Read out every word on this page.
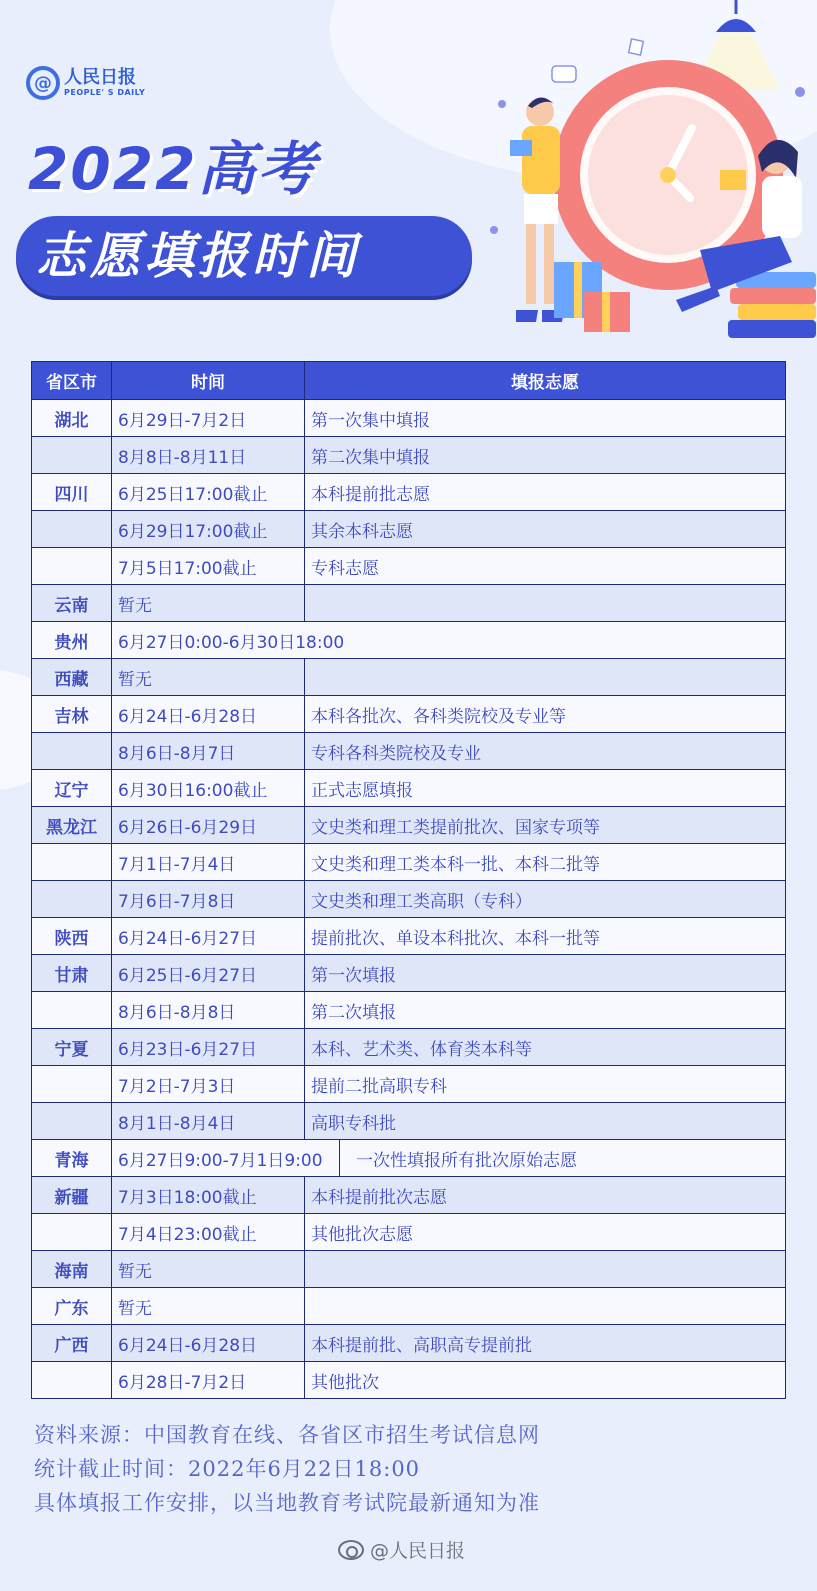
@ 人民日报
PEOPLE' S DAILY
2022高考
志愿填报时间
省区市	时间	填报志愿
湖北	6月29日-7月2日	第一次集中填报
	8月8日-8月11日	第二次集中填报
四川	6月25日17:00截止	本科提前批志愿
	6月29日17:00截止	其余本科志愿
	7月5日17:00截止	专科志愿
云南	暂无	
贵州	6月27日0:00-6月30日18:00	
西藏	暂无	
吉林	6月24日-6月28日	本科各批次、各科类院校及专业等
	8月6日-8月7日	专科各科类院校及专业
辽宁	6月30日16:00截止	正式志愿填报
黑龙江	6月26日-6月29日	文史类和理工类提前批次、国家专项等
	7月1日-7月4日	文史类和理工类本科一批、本科二批等
	7月6日-7月8日	文史类和理工类高职（专科）
陕西	6月24日-6月27日	提前批次、单设本科批次、本科一批等
甘肃	6月25日-6月27日	第一次填报
	8月6日-8月8日	第二次填报
宁夏	6月23日-6月27日	本科、艺术类、体育类本科等
	7月2日-7月3日	提前二批高职专科
	8月1日-8月4日	高职专科批
青海	6月27日9:00-7月1日9:00 一次性填报所有批次原始志愿	

新疆	7月3日18:00截止	本科提前批次志愿
	7月4日23:00截止	其他批次志愿
海南	暂无	
广东	暂无	
广西	6月24日-6月28日	本科提前批、高职高专提前批
	6月28日-7月2日	其他批次
资料来源：中国教育在线、各省区市招生考试信息网
统计截止时间：2022年6月22日18:00
具体填报工作安排，以当地教育考试院最新通知为准
@人民日报
